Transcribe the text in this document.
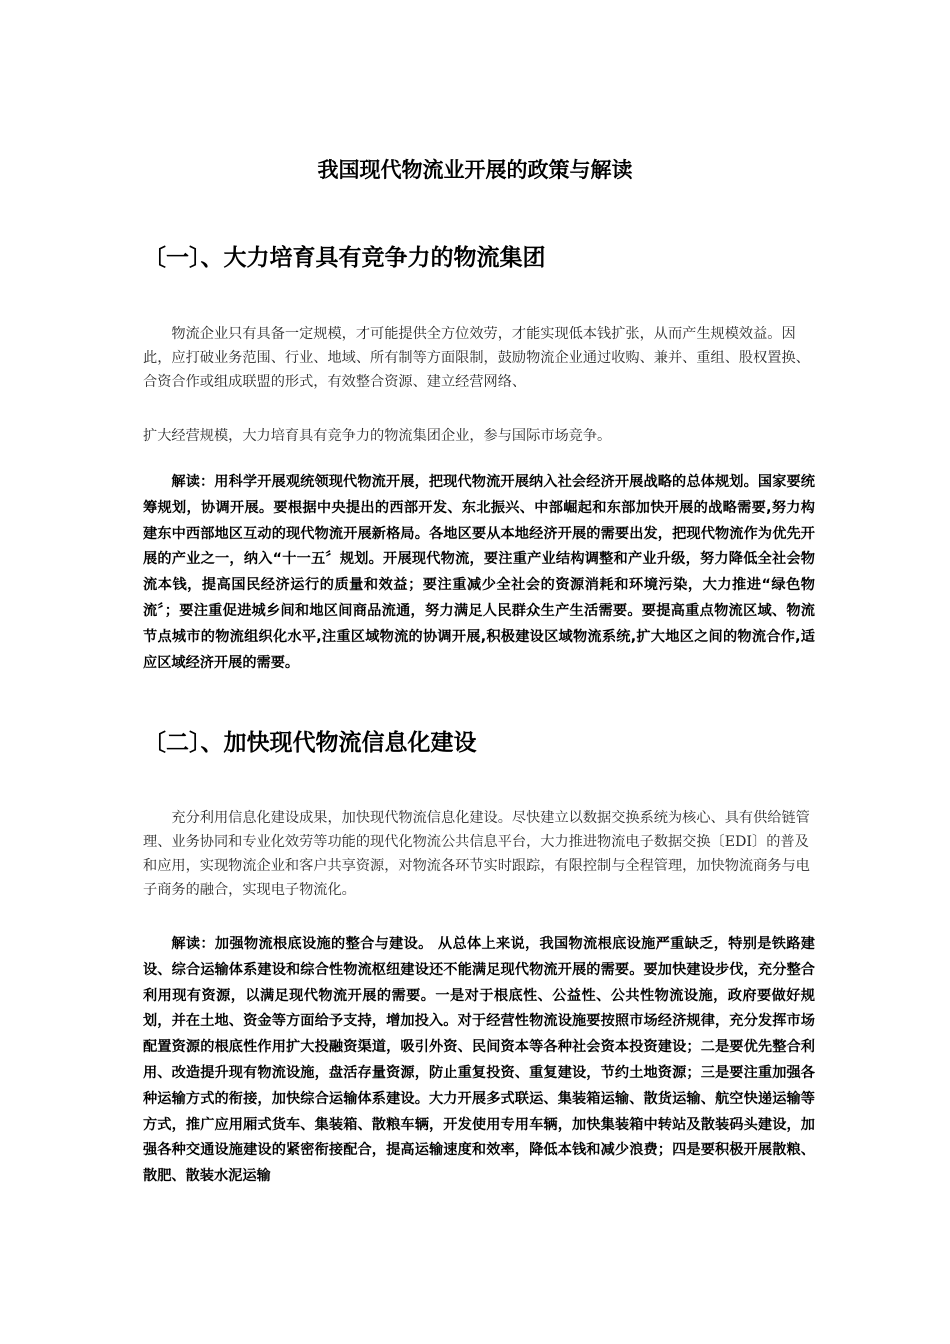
我国现代物流业开展的政策与解读
〔一〕、大力培育具有竞争力的物流集团

物流企业只有具备一定规模，才可能提供全方位效劳，才能实现低本钱扩张，从而产生规模效益。因此，应打破业务范围、行业、地域、所有制等方面限制，鼓励物流企业通过收购、兼并、重组、股权置换、合资合作或组成联盟的形式，有效整合资源、建立经营网络、

扩大经营规模，大力培育具有竞争力的物流集团企业，参与国际市场竞争。

解读：用科学开展观统领现代物流开展，把现代物流开展纳入社会经济开展战略的总体规划。国家要统筹规划，协调开展。要根据中央提出的西部开发、东北振兴、中部崛起和东部加快开展的战略需要,努力构建东中西部地区互动的现代物流开展新格局。各地区要从本地经济开展的需要出发，把现代物流作为优先开展的产业之一，纳入“十一五〞规划。开展现代物流，要注重产业结构调整和产业升级，努力降低全社会物流本钱，提高国民经济运行的质量和效益；要注重减少全社会的资源消耗和环境污染，大力推进“绿色物流〞；要注重促进城乡间和地区间商品流通，努力满足人民群众生产生活需要。要提高重点物流区域、物流节点城市的物流组织化水平,注重区域物流的协调开展,积极建设区域物流系统,扩大地区之间的物流合作,适应区域经济开展的需要。

〔二〕、加快现代物流信息化建设

充分利用信息化建设成果，加快现代物流信息化建设。尽快建立以数据交换系统为核心、具有供给链管理、业务协同和专业化效劳等功能的现代化物流公共信息平台，大力推进物流电子数据交换〔EDI〕的普及和应用，实现物流企业和客户共享资源，对物流各环节实时跟踪，有限控制与全程管理，加快物流商务与电子商务的融合，实现电子物流化。

解读：加强物流根底设施的整合与建设。 从总体上来说，我国物流根底设施严重缺乏，特别是铁路建设、综合运输体系建设和综合性物流枢纽建设还不能满足现代物流开展的需要。要加快建设步伐，充分整合利用现有资源，以满足现代物流开展的需要。一是对于根底性、公益性、公共性物流设施，政府要做好规划，并在土地、资金等方面给予支持，增加投入。对于经营性物流设施要按照市场经济规律，充分发挥市场配置资源的根底性作用扩大投融资渠道，吸引外资、民间资本等各种社会资本投资建设；二是要优先整合利用、改造提升现有物流设施，盘活存量资源，防止重复投资、重复建设，节约土地资源；三是要注重加强各种运输方式的衔接，加快综合运输体系建设。大力开展多式联运、集装箱运输、散货运输、航空快递运输等方式，推广应用厢式货车、集装箱、散粮车辆，开发使用专用车辆，加快集装箱中转站及散装码头建设，加强各种交通设施建设的紧密衔接配合，提高运输速度和效率，降低本钱和减少浪费；四是要积极开展散粮、散肥、散装水泥运输
